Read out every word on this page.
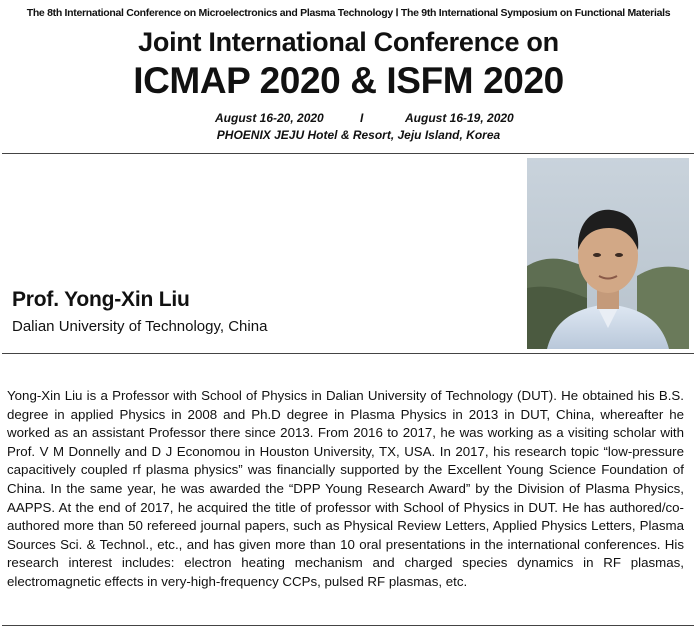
The 8th International Conference on Microelectronics and Plasma Technology Ⅰ The 9th International Symposium on Functional Materials
Joint International Conference on
ICMAP 2020 & ISFM 2020
August 16-20, 2020	I	August 16-19, 2020
PHOENIX JEJU Hotel & Resort, Jeju Island, Korea
Prof. Yong-Xin Liu
Dalian University of Technology, China
Yong-Xin Liu is a Professor with School of Physics in Dalian University of Technology (DUT). He obtained his B.S. degree in applied Physics in 2008 and Ph.D degree in Plasma Physics in 2013 in DUT, China, whereafter he worked as an assistant Professor there since 2013. From 2016 to 2017, he was working as a visiting scholar with Prof. V M Donnelly and D J Economou in Houston University, TX, USA. In 2017, his research topic “low-pressure capacitively coupled rf plasma physics” was financially supported by the Excellent Young Science Foundation of China. In the same year, he was awarded the “DPP Young Research Award” by the Division of Plasma Physics, AAPPS. At the end of 2017, he acquired the title of professor with School of Physics in DUT. He has authored/co-authored more than 50 refereed journal papers, such as Physical Review Letters, Applied Physics Letters, Plasma Sources Sci. & Technol., etc., and has given more than 10 oral presentations in the international conferences. His research interest includes: electron heating mechanism and charged species dynamics in RF plasmas, electromagnetic effects in very-high-frequency CCPs, pulsed RF plasmas, etc.
